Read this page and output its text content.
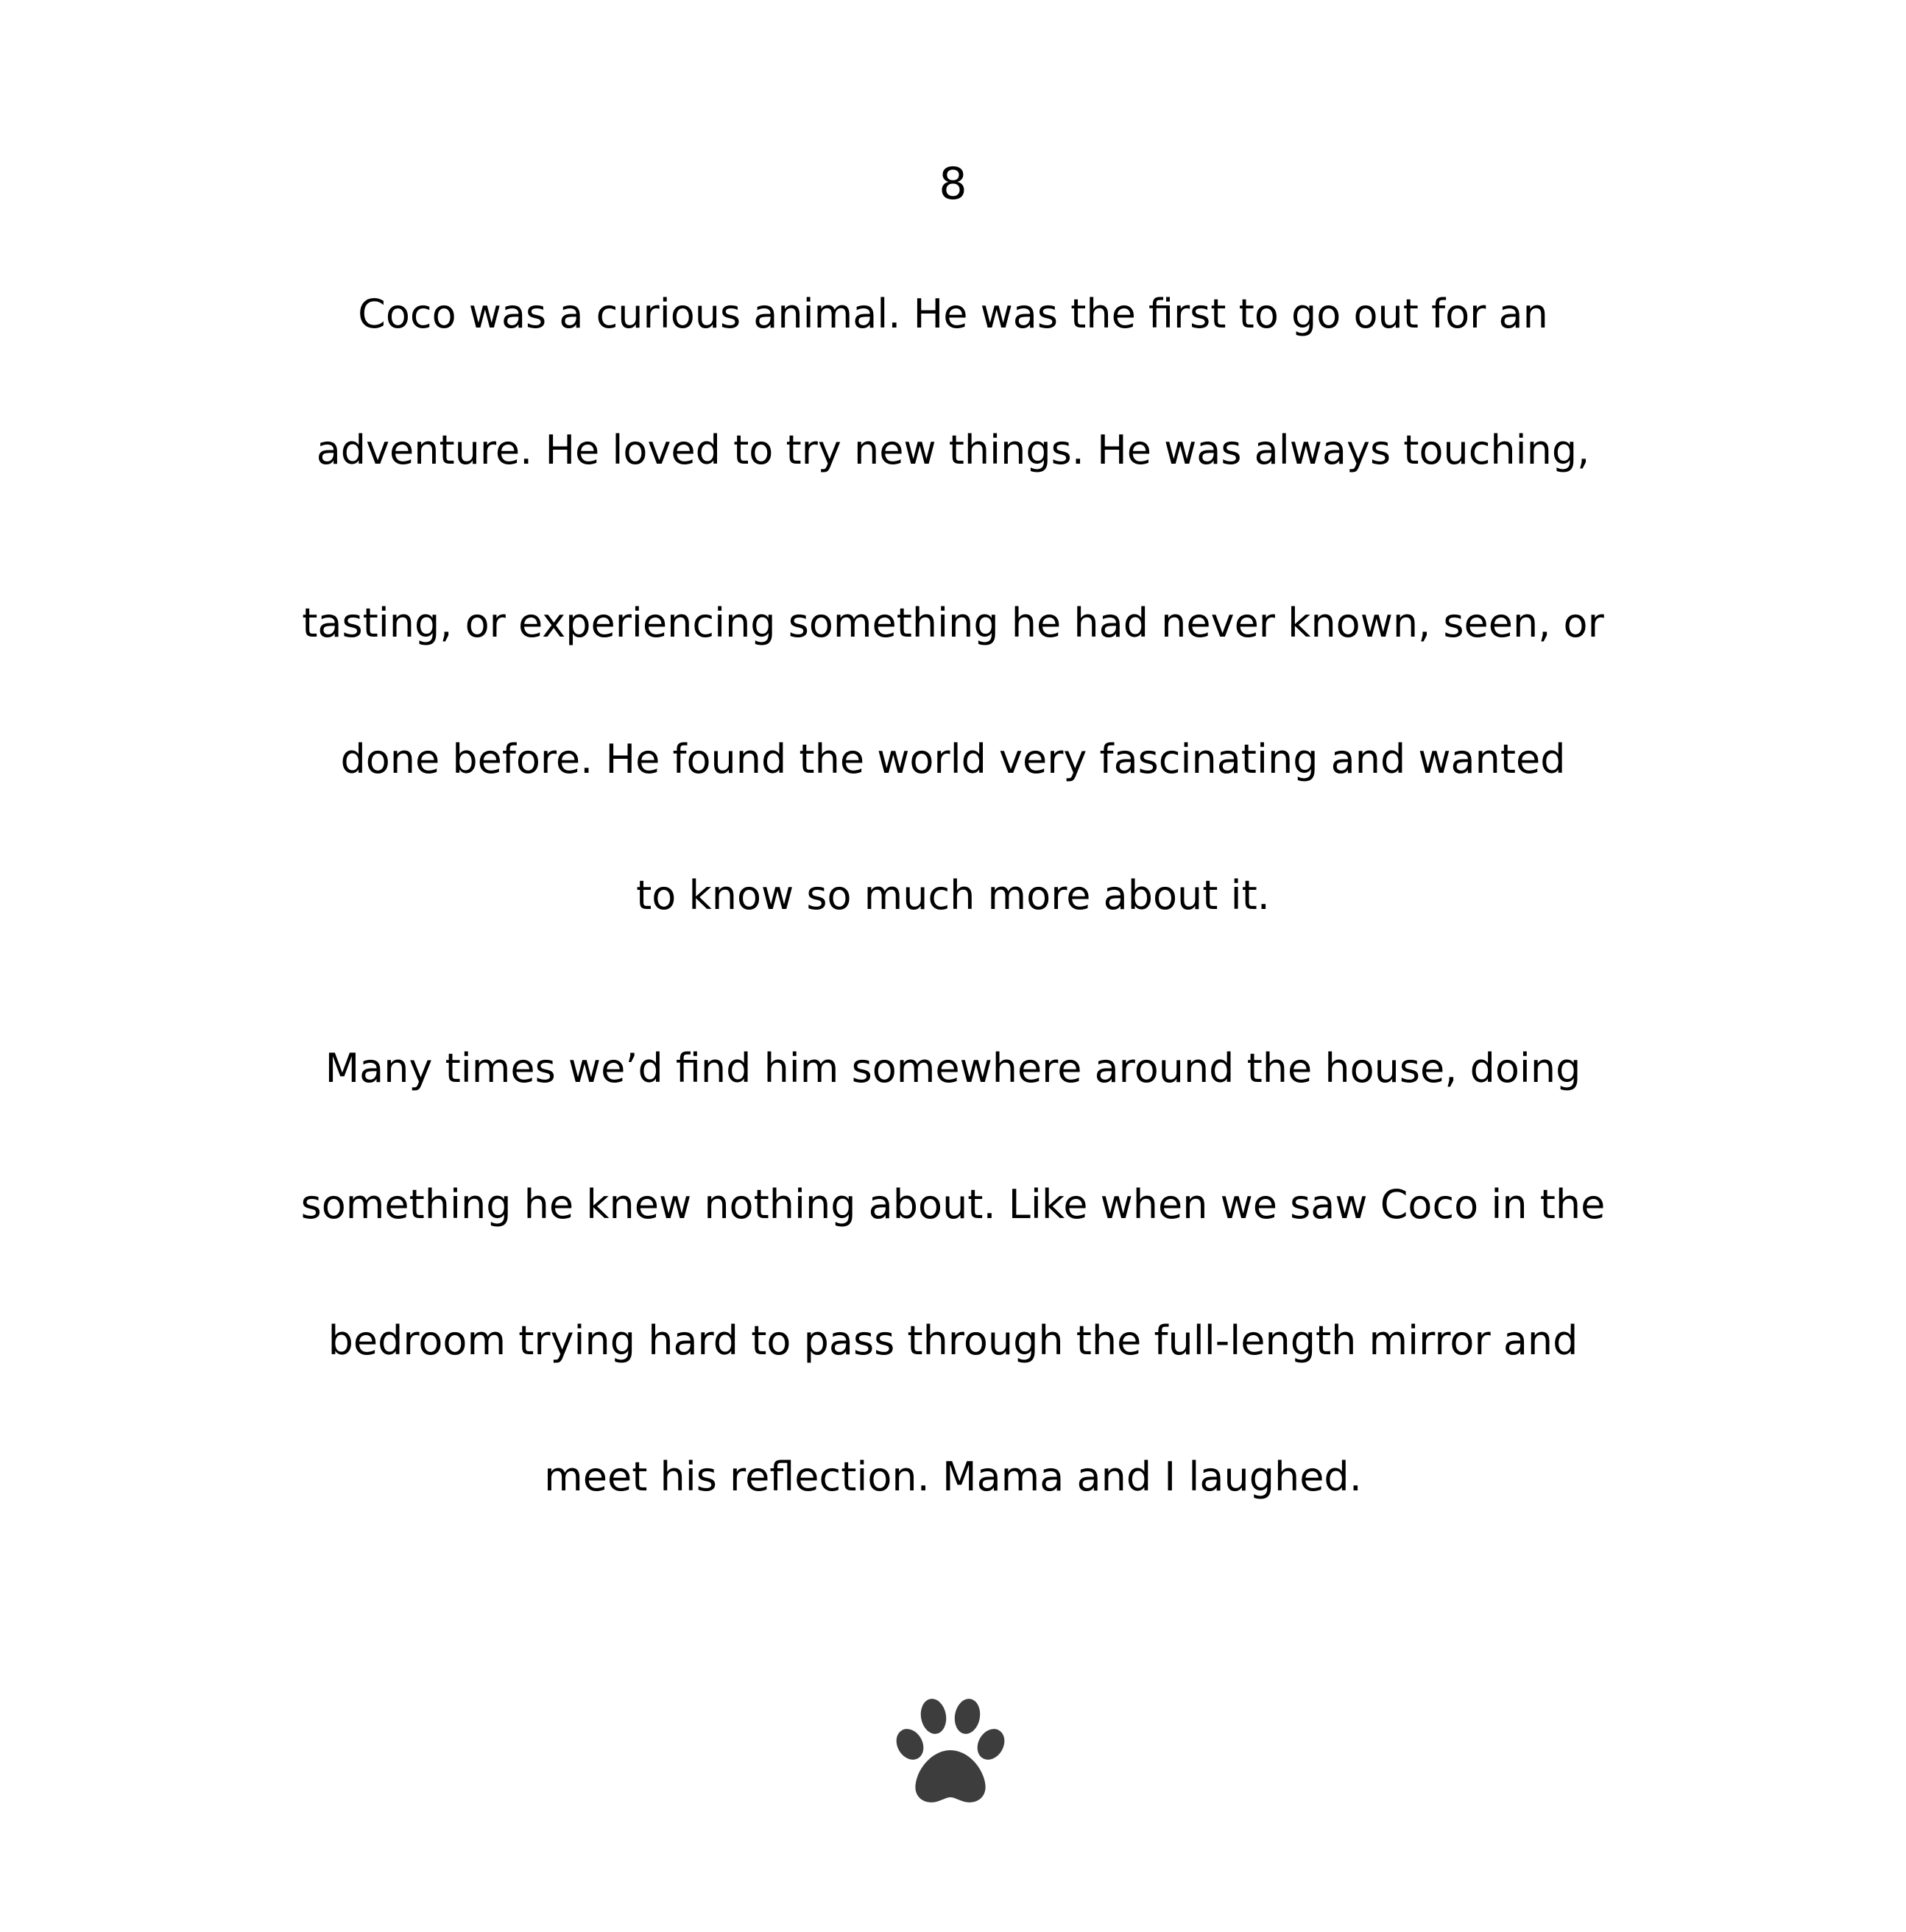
8
Coco was a curious animal. He was the first to go out for an
adventure. He loved to try new things. He was always touching,
tasting, or experiencing something he had never known, seen, or
done before. He found the world very fascinating and wanted
to know so much more about it.
Many times we’d find him somewhere around the house, doing
something he knew nothing about. Like when we saw Coco in the
bedroom trying hard to pass through the full-length mirror and
meet his reflection. Mama and I laughed.
